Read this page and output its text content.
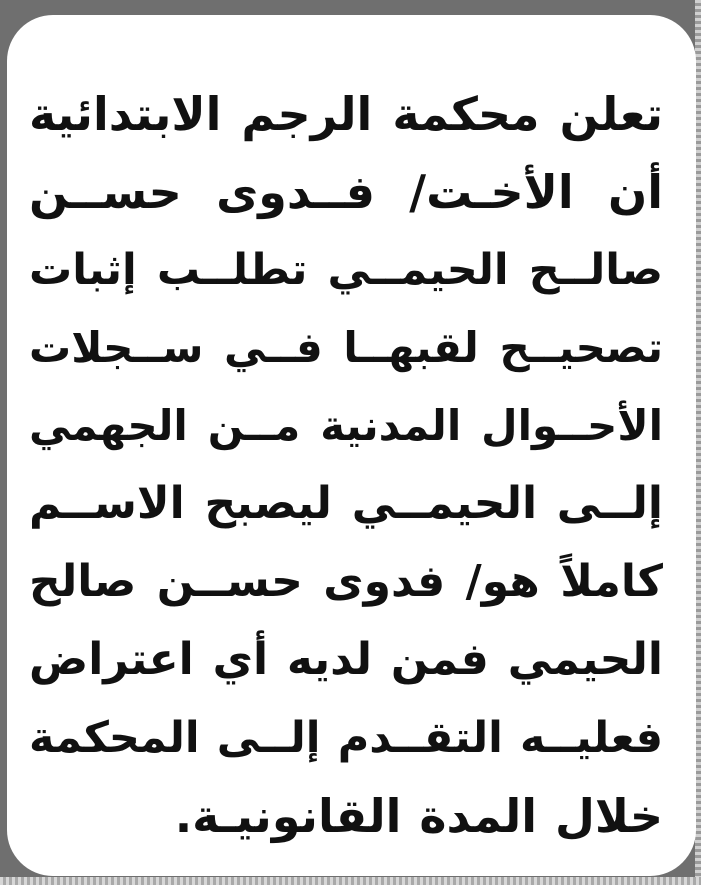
تعلن محكمة الرجم الابتدائية
أن الأخـت/ فــدوى حســن
صالــح الحيمــي تطلــب إثبات
تصحيــح لقبهــا فــي ســجلات
الأحــوال المدنية مــن الجهمي
إلــى الحيمــي ليصبح الاســم
كاملاً هو/ فدوى حســن صالح
الحيمي فمن لديه أي اعتراض
فعليــه التقــدم إلــى المحكمة
خلال المدة القانونيـة.
